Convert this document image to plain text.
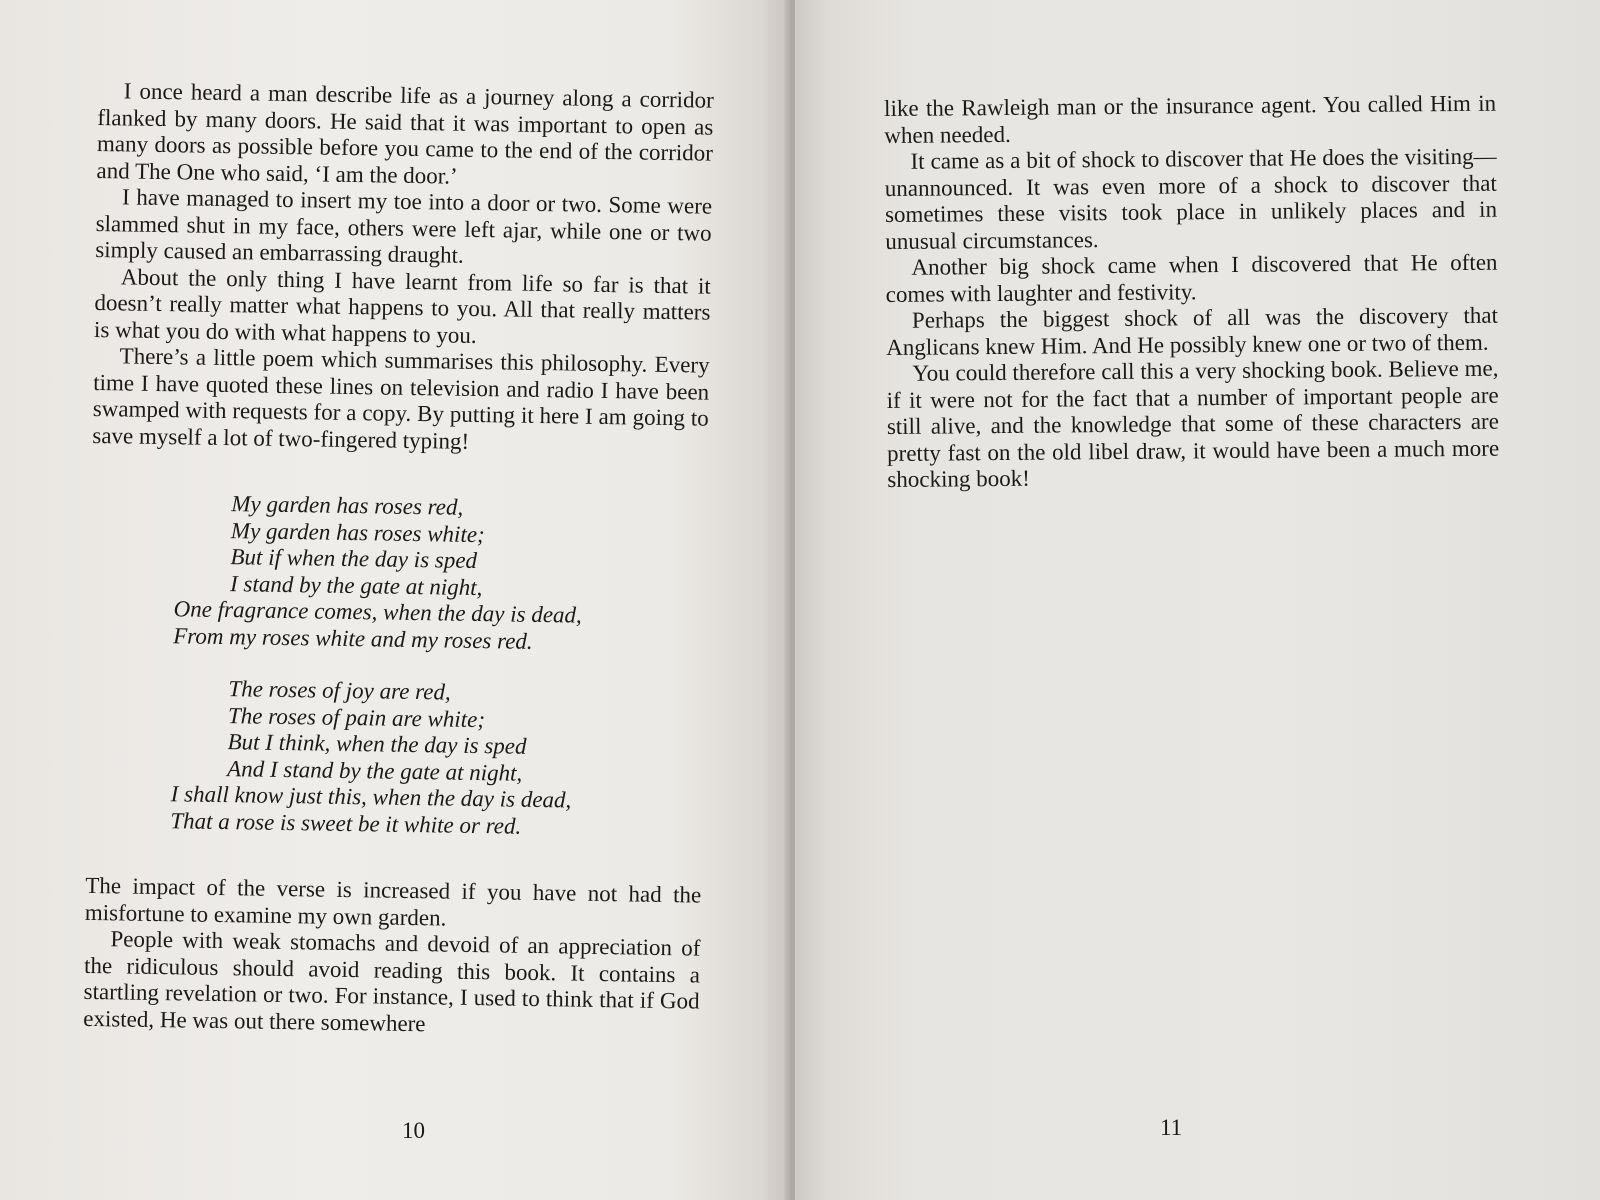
I once heard a man describe life as a journey along a corridor flanked by many doors. He said that it was important to open as many doors as possible before you came to the end of the corridor and The One who said, ‘I am the door.’

I have managed to insert my toe into a door or two. Some were slammed shut in my face, others were left ajar, while one or two simply caused an embarrassing draught.

About the only thing I have learnt from life so far is that it doesn’t really matter what happens to you. All that really matters is what you do with what happens to you.

There’s a little poem which summarises this philosophy. Every time I have quoted these lines on television and radio I have been swamped with requests for a copy. By putting it here I am going to save myself a lot of two-fingered typing!

My garden has roses red,
My garden has roses white;
But if when the day is sped
I stand by the gate at night,
One fragrance comes, when the day is dead,
From my roses white and my roses red.
The roses of joy are red,
The roses of pain are white;
But I think, when the day is sped
And I stand by the gate at night,
I shall know just this, when the day is dead,
That a rose is sweet be it white or red.

The impact of the verse is increased if you have not had the misfortune to examine my own garden.

People with weak stomachs and devoid of an appreciation of the ridiculous should avoid reading this book. It contains a startling revelation or two. For instance, I used to think that if God existed, He was out there somewhere

10

like the Rawleigh man or the insurance agent. You called Him in when needed.

It came as a bit of shock to discover that He does the visiting—unannounced. It was even more of a shock to discover that sometimes these visits took place in unlikely places and in unusual circumstances.

Another big shock came when I discovered that He often comes with laughter and festivity.

Perhaps the biggest shock of all was the discovery that Anglicans knew Him. And He possibly knew one or two of them.

You could therefore call this a very shocking book. Believe me, if it were not for the fact that a number of important people are still alive, and the knowledge that some of these characters are pretty fast on the old libel draw, it would have been a much more shocking book!

11
